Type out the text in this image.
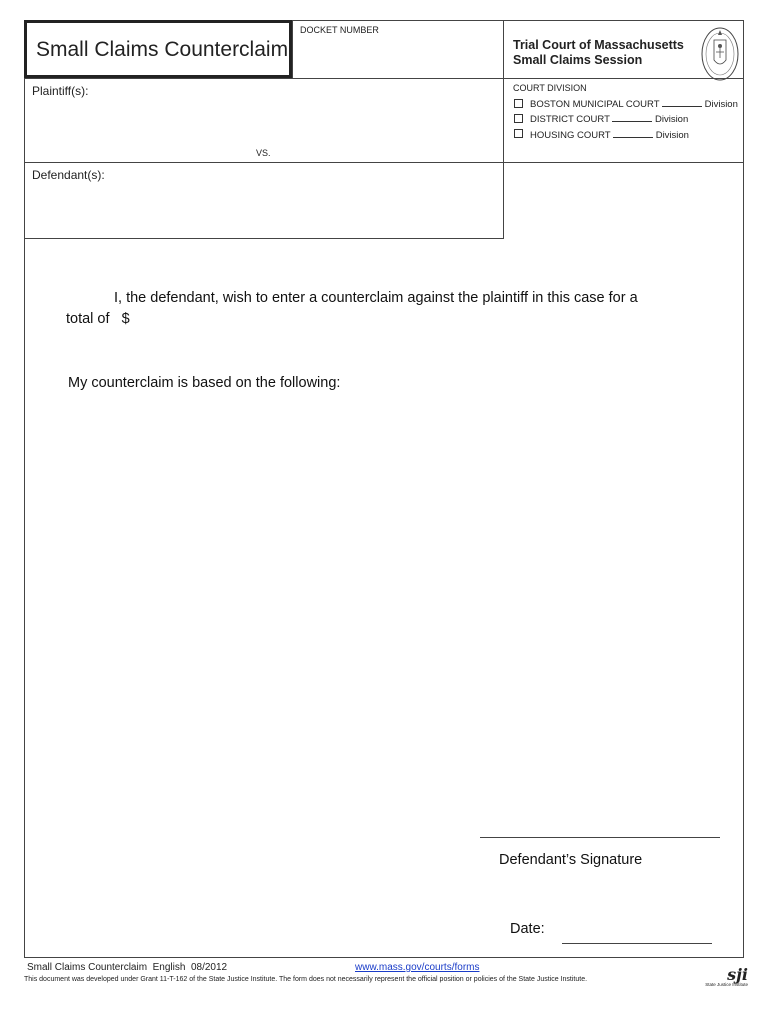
Small Claims Counterclaim
DOCKET NUMBER
Trial Court of Massachusetts
Small Claims Session
COURT DIVISION
BOSTON MUNICIPAL COURT	Division
DISTRICT COURT	Division
HOUSING COURT	Division
Plaintiff(s):
VS.
Defendant(s):
I, the defendant, wish to enter a counterclaim against the plaintiff in this case for a
total of   $
My counterclaim is based on the following:
Defendant’s Signature
Date:
Small Claims Counterclaim  English  08/2012	www.mass.gov/courts/forms
This document was developed under Grant 11-T-162 of the State Justice Institute. The form does not necessarily represent the official position or policies of the State Justice Institute.	sji
State Justice Institute
